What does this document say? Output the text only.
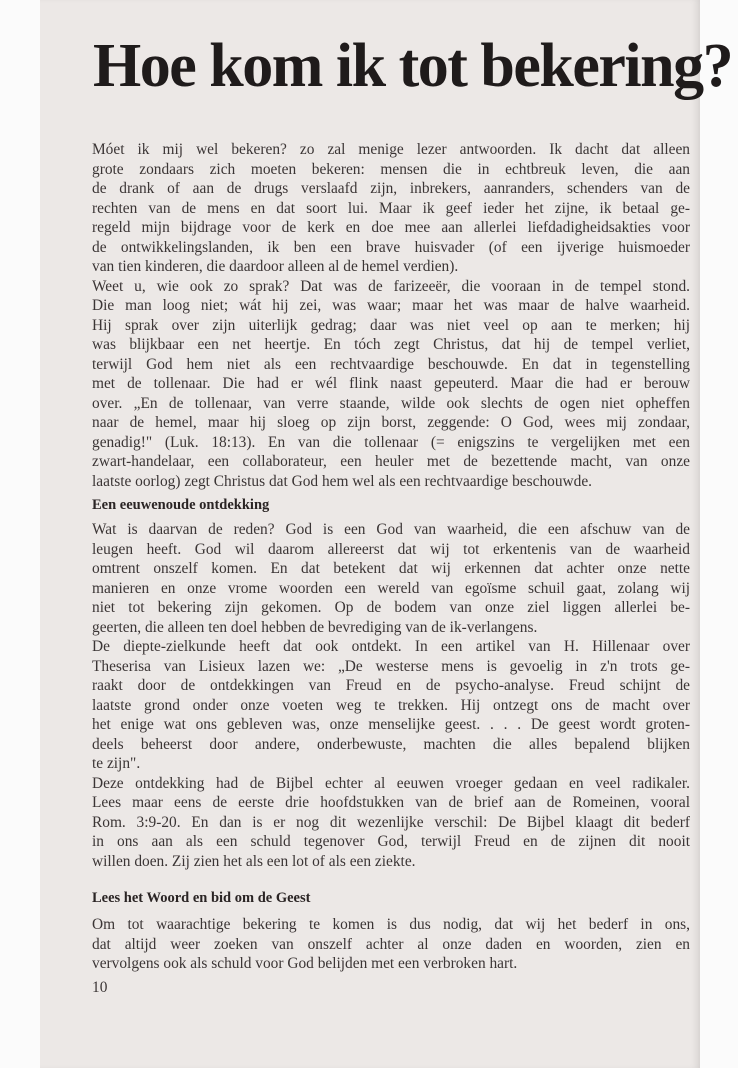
Hoe kom ik tot bekering?
Móet ik mij wel bekeren? zo zal menige lezer antwoorden. Ik dacht dat alleen
grote zondaars zich moeten bekeren: mensen die in echtbreuk leven, die aan
de drank of aan de drugs verslaafd zijn, inbrekers, aanranders, schenders van de
rechten van de mens en dat soort lui. Maar ik geef ieder het zijne, ik betaal ge-
regeld mijn bijdrage voor de kerk en doe mee aan allerlei liefdadigheidsakties voor
de ontwikkelingslanden, ik ben een brave huisvader (of een ijverige huismoeder
van tien kinderen, die daardoor alleen al de hemel verdien).
Weet u, wie ook zo sprak? Dat was de farizeeër, die vooraan in de tempel stond.
Die man loog niet; wát hij zei, was waar; maar het was maar de halve waarheid.
Hij sprak over zijn uiterlijk gedrag; daar was niet veel op aan te merken; hij
was blijkbaar een net heertje. En tóch zegt Christus, dat hij de tempel verliet,
terwijl God hem niet als een rechtvaardige beschouwde. En dat in tegenstelling
met de tollenaar. Die had er wél flink naast gepeuterd. Maar die had er berouw
over. „En de tollenaar, van verre staande, wilde ook slechts de ogen niet opheffen
naar de hemel, maar hij sloeg op zijn borst, zeggende: O God, wees mij zondaar,
genadig!" (Luk. 18:13). En van die tollenaar (= enigszins te vergelijken met een
zwart-handelaar, een collaborateur, een heuler met de bezettende macht, van onze
laatste oorlog) zegt Christus dat God hem wel als een rechtvaardige beschouwde.
Een eeuwenoude ontdekking
Wat is daarvan de reden? God is een God van waarheid, die een afschuw van de
leugen heeft. God wil daarom allereerst dat wij tot erkentenis van de waarheid
omtrent onszelf komen. En dat betekent dat wij erkennen dat achter onze nette
manieren en onze vrome woorden een wereld van egoïsme schuil gaat, zolang wij
niet tot bekering zijn gekomen. Op de bodem van onze ziel liggen allerlei be-
geerten, die alleen ten doel hebben de bevrediging van de ik-verlangens.
De diepte-zielkunde heeft dat ook ontdekt. In een artikel van H. Hillenaar over
Theserisa van Lisieux lazen we: „De westerse mens is gevoelig in z'n trots ge-
raakt door de ontdekkingen van Freud en de psycho-analyse. Freud schijnt de
laatste grond onder onze voeten weg te trekken. Hij ontzegt ons de macht over
het enige wat ons gebleven was, onze menselijke geest. . . . De geest wordt groten-
deels beheerst door andere, onderbewuste, machten die alles bepalend blijken
te zijn".
Deze ontdekking had de Bijbel echter al eeuwen vroeger gedaan en veel radikaler.
Lees maar eens de eerste drie hoofdstukken van de brief aan de Romeinen, vooral
Rom. 3:9-20. En dan is er nog dit wezenlijke verschil: De Bijbel klaagt dit bederf
in ons aan als een schuld tegenover God, terwijl Freud en de zijnen dit nooit
willen doen. Zij zien het als een lot of als een ziekte.
Lees het Woord en bid om de Geest
Om tot waarachtige bekering te komen is dus nodig, dat wij het bederf in ons,
dat altijd weer zoeken van onszelf achter al onze daden en woorden, zien en
vervolgens ook als schuld voor God belijden met een verbroken hart.
10
